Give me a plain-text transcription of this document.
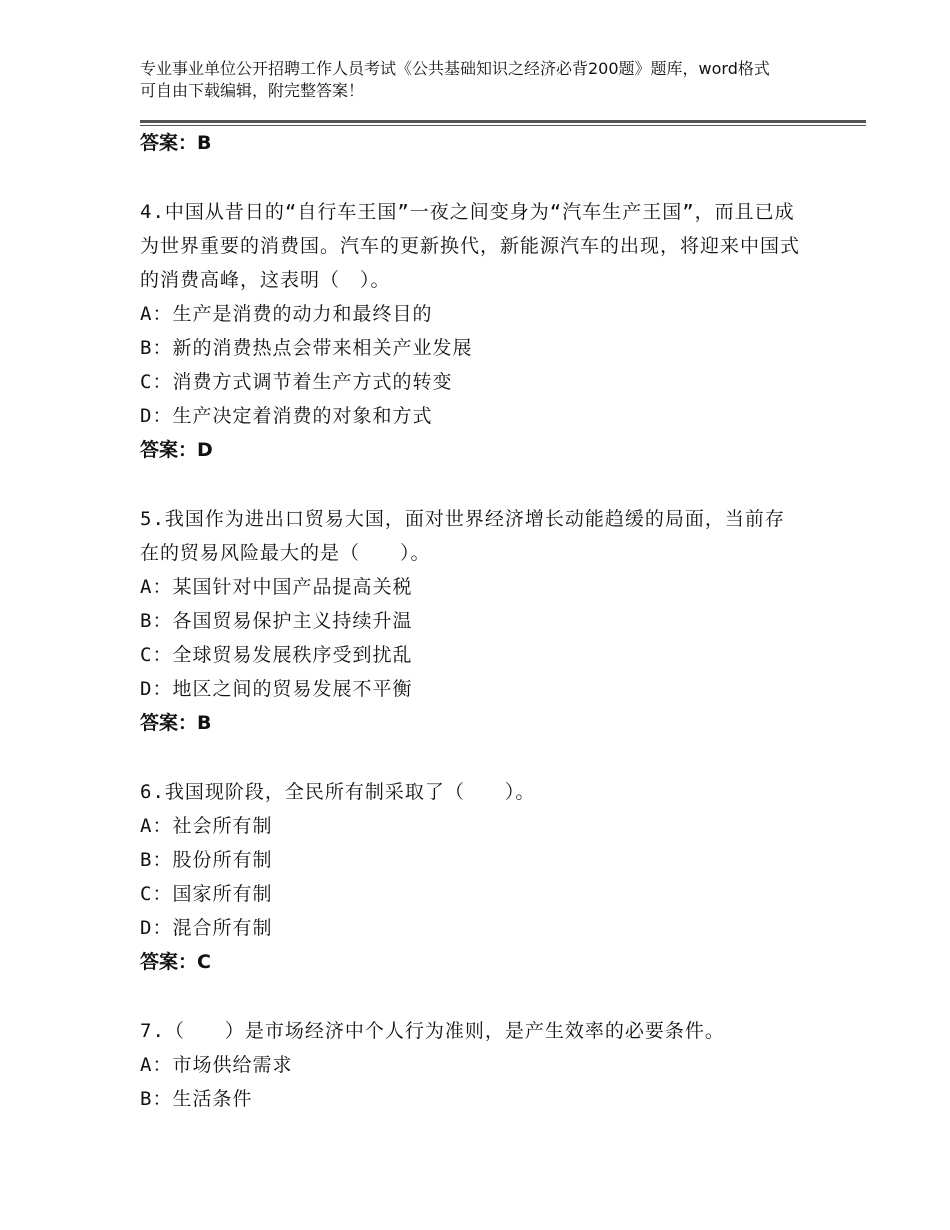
专业事业单位公开招聘工作人员考试《公共基础知识之经济必背200题》题库，word格式可自由下载编辑，附完整答案！
答案：B

4.中国从昔日的“自行车王国”一夜之间变身为“汽车生产王国”，而且已成为世界重要的消费国。汽车的更新换代，新能源汽车的出现，将迎来中国式的消费高峰，这表明（　）。

A：生产是消费的动力和最终目的

B：新的消费热点会带来相关产业发展

C：消费方式调节着生产方式的转变

D：生产决定着消费的对象和方式

答案：D

5.我国作为进出口贸易大国，面对世界经济增长动能趋缓的局面，当前存在的贸易风险最大的是（　　）。

A：某国针对中国产品提高关税

B：各国贸易保护主义持续升温

C：全球贸易发展秩序受到扰乱

D：地区之间的贸易发展不平衡

答案：B

6.我国现阶段，全民所有制采取了（　　）。

A：社会所有制

B：股份所有制

C：国家所有制

D：混合所有制

答案：C

7.（　　）是市场经济中个人行为准则，是产生效率的必要条件。

A：市场供给需求

B：生活条件
